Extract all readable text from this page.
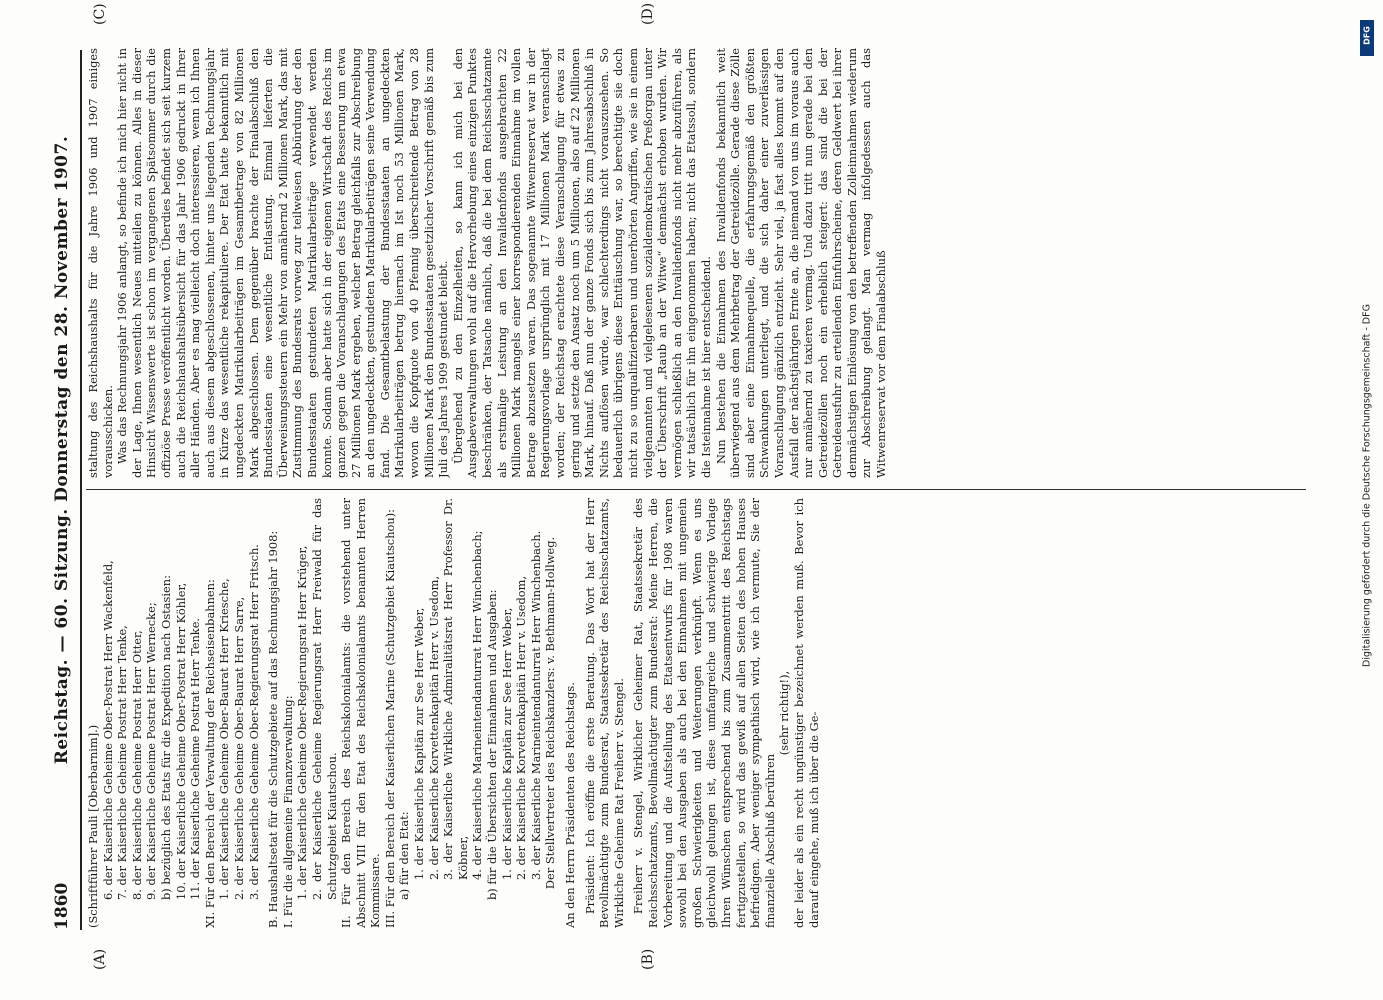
1860
Reichstag. — 60. Sitzung. Donnerstag den 28. November 1907.
(A)	(B)
(C)	(D)

(Schriftführer Pauli [Oberbarnim].) 6. der Kaiserliche Geheime Ober-Postrat Herr Wackenfeld, 7. der Kaiserliche Geheime Postrat Herr Tenke, 8. der Kaiserliche Geheime Postrat Herr Otter, 9. der Kaiserliche Geheime Postrat Herr Wernecke; b) bezüglich des Etats für die Expedition nach Ostasien: 10. der Kaiserliche Geheime Ober-Postrat Herr Köhler, 11. der Kaiserliche Geheime Postrat Herr Tenke. XI. Für den Bereich der Verwaltung der Reichseisenbahnen: 1. der Kaiserliche Geheime Ober-Baurat Herr Kriesche, 2. der Kaiserliche Geheime Ober-Baurat Herr Sarre, 3. der Kaiserliche Geheime Ober-Regierungsrat Herr Fritsch. B. Haushaltsetat für die Schutzgebiete auf das Rechnungsjahr 1908: I. Für die allgemeine Finanzverwaltung: 1. der Kaiserliche Geheime Ober-Regierungsrat Herr Krüger, 2. der Kaiserliche Geheime Regierungsrat Herr Freiwald für das Schutzgebiet Kiautschou. II. Für den Bereich des Reichskolonialamts: die vorstehend unter Abschnitt VIII für den Etat des Reichskolonialamts benannten Herren Kommissare. III. Für den Bereich der Kaiserlichen Marine (Schutzgebiet Kiautschou): a) für den Etat: 1. der Kaiserliche Kapitän zur See Herr Weber, 2. der Kaiserliche Korvettenkapitän Herr v. Usedom, 3. der Kaiserliche Wirkliche Admiralitätsrat Herr Professor Dr. Köbner, 4. der Kaiserliche Marineintendanturrat Herr Winchenbach; b) für die Übersichten der Einnahmen und Ausgaben: 1. der Kaiserliche Kapitän zur See Herr Weber, 2. der Kaiserliche Korvettenkapitän Herr v. Usedom, 3. der Kaiserliche Marineintendanturrat Herr Winchenbach. Der Stellvertreter des Reichskanzlers: v. Bethmann-Hollweg. An den Herrn Präsidenten des Reichstags. Präsident: Ich eröffne die erste Beratung. Das Wort hat der Herr Bevollmächtigte zum Bundesrat, Staatssekretär des Reichsschatzamts, Wirkliche Geheime Rat Freiherr v. Stengel. Freiherr v. Stengel, Wirklicher Geheimer Rat, Staatssekretär des Reichsschatzamts, Bevollmächtigter zum Bundesrat: Meine Herren, die Vorbereitung und die Aufstellung des Etatsentwurfs für 1908 waren sowohl bei den Ausgaben als auch bei den Einnahmen mit ungemein großen Schwierigkeiten und Weiterungen verknüpft. Wenn es uns gleichwohl gelungen ist, diese umfangreiche und schwierige Vorlage Ihren Wünschen entsprechend bis zum Zusammentritt des Reichstags fertigzustellen, so wird das gewiß auf allen Seiten des hohen Hauses befriedigen. Aber weniger sympathisch wird, wie ich vermute, Sie der finanzielle Abschluß berühren

(sehr richtig!), der leider als ein recht ungünstiger bezeichnet werden muß. Bevor ich darauf eingehe, muß ich über die Ge-

staltung des Reichshaushalts für die Jahre 1906 und 1907 einiges vorausschicken. Was das Rechnungsjahr 1906 anlangt, so befinde ich mich hier nicht in der Lage, Ihnen wesentlich Neues mitteilen zu können. Alles in dieser Hinsicht Wissenswerte ist schon im vergangenen Spätsommer durch die offiziöse Presse veröffentlicht worden. Überdies befindet sich seit kurzem auch die Reichshaushaltsübersicht für das Jahr 1906 gedruckt in Ihrer aller Händen. Aber es mag vielleicht doch interessieren, wenn ich Ihnen auch aus diesem abgeschlossenen, hinter uns liegenden Rechnungsjahr in Kürze das wesentliche rekapituliere. Der Etat hatte bekanntlich mit ungedeckten Matrikularbeiträgen im Gesamtbetrage von 82 Millionen Mark abgeschlossen. Dem gegenüber brachte der Finalabschluß den Bundesstaaten eine wesentliche Entlastung. Einmal lieferten die Überweisungssteuern ein Mehr von annähernd 2 Millionen Mark, das mit Zustimmung des Bundesrats vorweg zur teilweisen Abbürdung der den Bundesstaaten gestundeten Matrikularbeiträge verwendet werden konnte. Sodann aber hatte sich in der eigenen Wirtschaft des Reichs im ganzen gegen die Voranschlagungen des Etats eine Besserung um etwa 27 Millionen Mark ergeben, welcher Betrag gleichfalls zur Abschreibung an den ungedeckten, gestundeten Matrikularbeiträgen seine Verwendung fand. Die Gesamtbelastung der Bundesstaaten an ungedeckten Matrikularbeiträgen betrug hiernach im Ist noch 53 Millionen Mark, wovon die Kopfquote von 40 Pfennig überschreitende Betrag von 28 Millionen Mark den Bundesstaaten gesetzlicher Vorschrift gemäß bis zum Juli des Jahres 1909 gestundet bleibt. Übergehend zu den Einzelheiten, so kann ich mich bei den Ausgabeverwaltungen wohl auf die Hervorhebung eines einzigen Punktes beschränken, der Tatsache nämlich, daß die bei dem Reichsschatzamte als erstmalige Leistung an den Invalidenfonds ausgebrachten 22 Millionen Mark mangels einer korrespondierenden Einnahme im vollen Betrage abzusetzen waren. Das sogenannte Witwenreservat war in der Regierungsvorlage ursprünglich mit 17 Millionen Mark veranschlagt worden; der Reichstag erachtete diese Veranschlagung für etwas zu gering und setzte den Ansatz noch um 5 Millionen, also auf 22 Millionen Mark, hinauf. Daß nun der ganze Fonds sich bis zum Jahresabschluß in Nichts auflösen würde, war schlechterdings nicht vorauszusehen. So bedauerlich übrigens diese Enttäuschung war, so berechtigte sie doch nicht zu so unqualifizierbaren und unerhörten Angriffen, wie sie in einem vielgenannten und vielgelesenen sozialdemokratischen Preßorgan unter der Überschrift „Raub an der Witwe“ demnächst erhoben wurden. Wir vermögen schließlich an den Invalidenfonds nicht mehr abzuführen, als wir tatsächlich für ihn eingenommen haben; nicht das Etatssoll, sondern die Isteinnahme ist hier entscheidend. Nun bestehen die Einnahmen des Invalidenfonds bekanntlich weit überwiegend aus dem Mehrbetrag der Getreidezölle. Gerade diese Zölle sind aber eine Einnahmequelle, die erfahrungsgemäß den größten Schwankungen unterliegt, und die sich daher einer zuverlässigen Voranschlagung gänzlich entzieht. Sehr viel, ja fast alles kommt auf den Ausfall der nächstjährigen Ernte an, die niemand von uns im voraus auch nur annähernd zu taxieren vermag. Und dazu tritt nun gerade bei den Getreidezöllen noch ein erheblich steigert: das sind die bei der Getreideausfuhr zu erteilenden Einfuhrscheine, deren Geldwert bei ihrer demnächstigen Einlösung von den betreffenden Zolleinnahmen wiederum zur Abschreibung gelangt. Man vermag infolgedessen auch das Witwenreservat vor dem Finalabschluß

DFG
Digitalisierung gefördert durch die Deutsche Forschungsgemeinschaft - DFG
